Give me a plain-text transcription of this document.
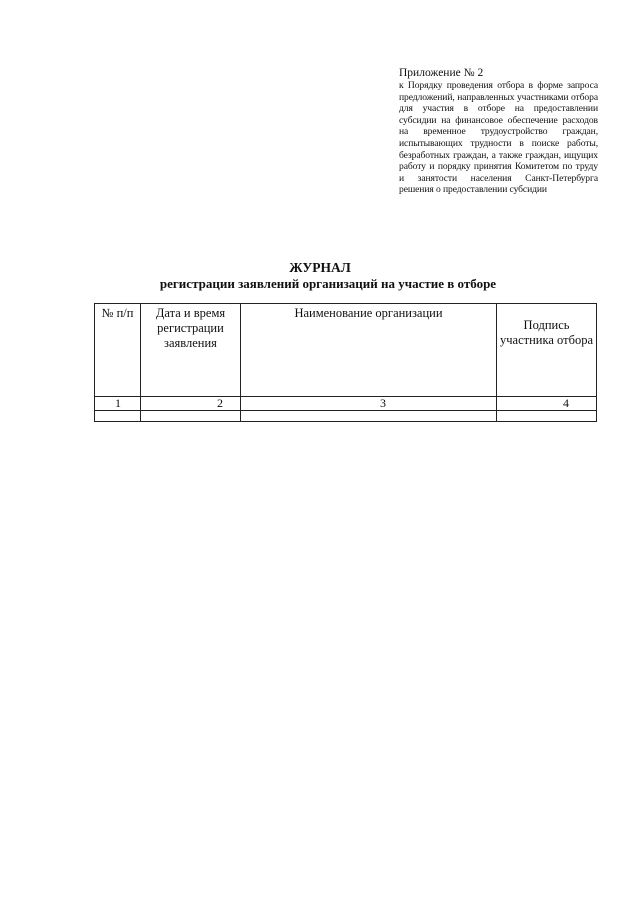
Приложение № 2
к Порядку проведения отбора в форме запроса предложений, направленных участниками отбора для участия в отборе на предоставлении субсидии на финансовое обеспечение расходов на временное трудоустройство граждан, испытывающих трудности в поиске работы, безработных граждан, а также граждан, ищущих работу и порядку принятия Комитетом по труду и занятости населения Санкт-Петербурга решения о предоставлении субсидии
ЖУРНАЛ
регистрации заявлений организаций на участие в отборе
№ п/п	Дата и время регистрации заявления	Наименование организации	Подпись участника отбора
1	2	3	4
